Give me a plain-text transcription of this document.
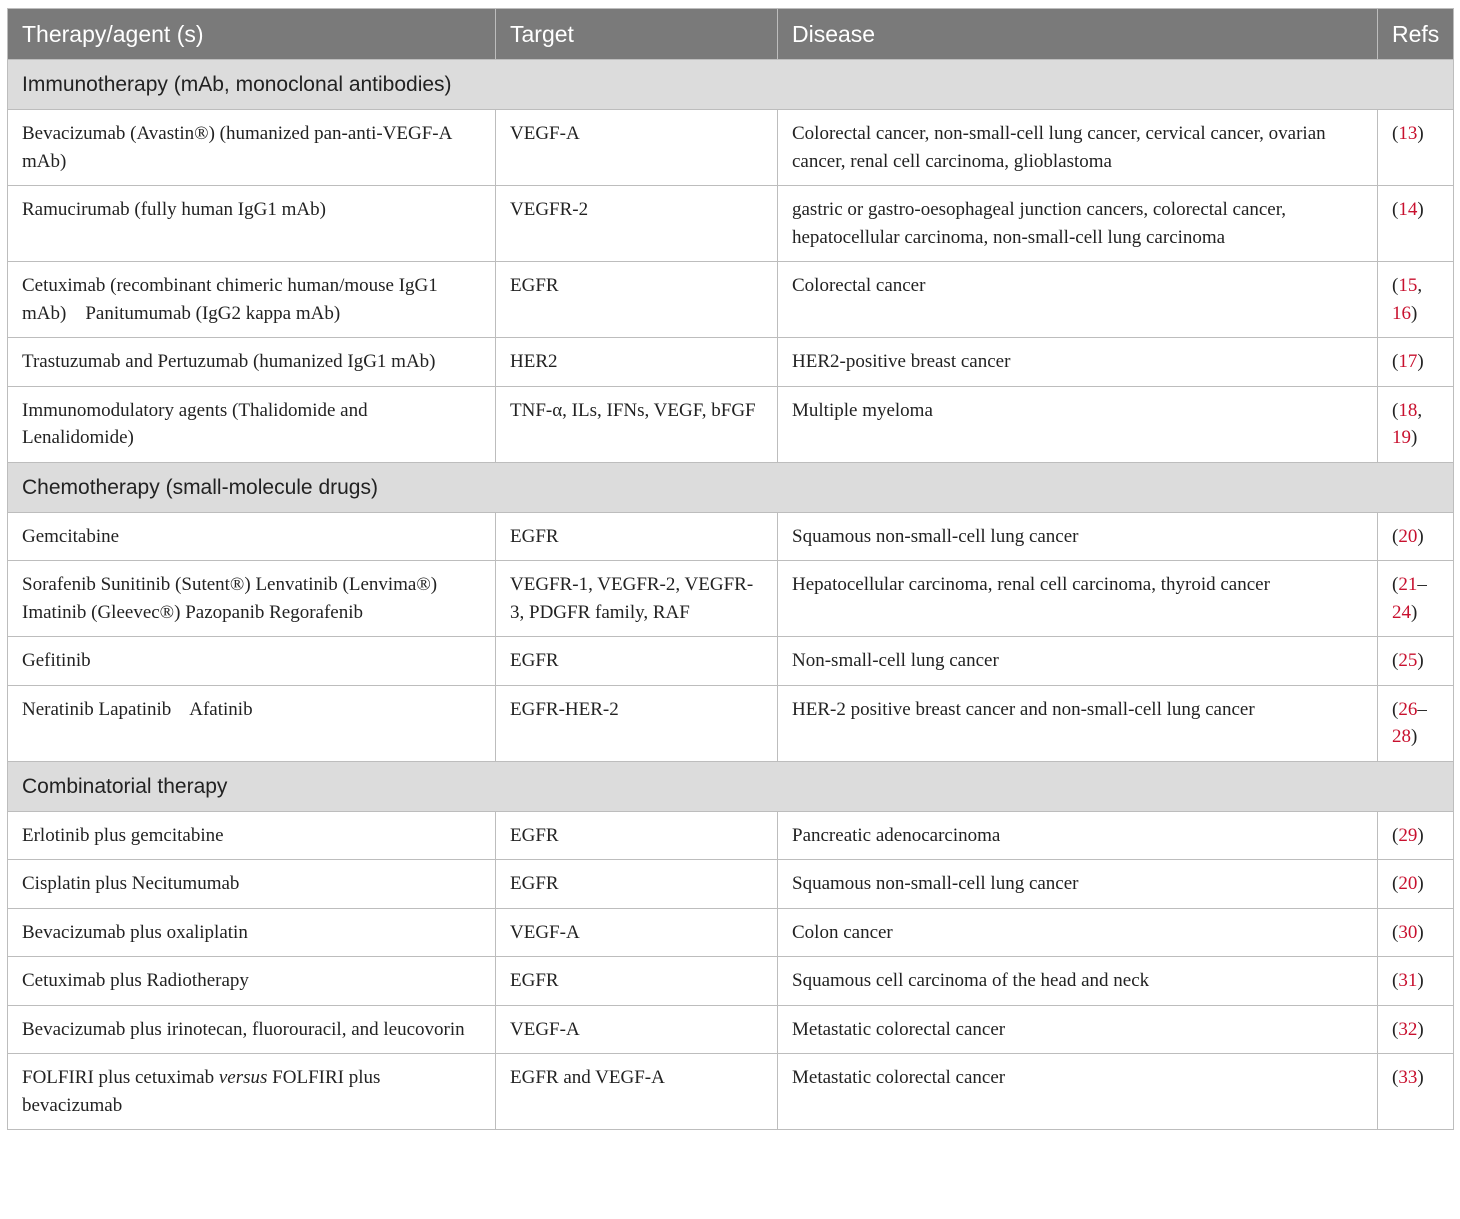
Therapy/agent (s)	Target	Disease	Refs
Immunotherapy (mAb, monoclonal antibodies)			
Bevacizumab (Avastin®) (humanized pan-anti-VEGF-A mAb)	VEGF-A	Colorectal cancer, non-small-cell lung cancer, cervical cancer, ovarian cancer, renal cell carcinoma, glioblastoma	(13)
Ramucirumab (fully human IgG1 mAb)	VEGFR-2	gastric or gastro-oesophageal junction cancers, colorectal cancer, hepatocellular carcinoma, non-small-cell lung carcinoma	(14)
Cetuximab (recombinant chimeric human/mouse IgG1 mAb)    Panitumumab (IgG2 kappa mAb)	EGFR	Colorectal cancer	(15, 16)
Trastuzumab and Pertuzumab (humanized IgG1 mAb)	HER2	HER2-positive breast cancer	(17)
Immunomodulatory agents (Thalidomide and Lenalidomide)	TNF-α, ILs, IFNs, VEGF, bFGF	Multiple myeloma	(18, 19)
Chemotherapy (small-molecule drugs)			
Gemcitabine	EGFR	Squamous non-small-cell lung cancer	(20)
Sorafenib Sunitinib (Sutent®) Lenvatinib (Lenvima®) Imatinib (Gleevec®) Pazopanib Regorafenib	VEGFR-1, VEGFR-2, VEGFR-3, PDGFR family, RAF	Hepatocellular carcinoma, renal cell carcinoma, thyroid cancer	(21–24)
Gefitinib	EGFR	Non-small-cell lung cancer	(25)
Neratinib Lapatinib    Afatinib	EGFR-HER-2	HER-2 positive breast cancer and non-small-cell lung cancer	(26–28)
Combinatorial therapy			
Erlotinib plus gemcitabine	EGFR	Pancreatic adenocarcinoma	(29)
Cisplatin plus Necitumumab	EGFR	Squamous non-small-cell lung cancer	(20)
Bevacizumab plus oxaliplatin	VEGF-A	Colon cancer	(30)
Cetuximab plus Radiotherapy	EGFR	Squamous cell carcinoma of the head and neck	(31)
Bevacizumab plus irinotecan, fluorouracil, and leucovorin	VEGF-A	Metastatic colorectal cancer	(32)
FOLFIRI plus cetuximab versus FOLFIRI plus bevacizumab	EGFR and VEGF-A	Metastatic colorectal cancer	(33)
